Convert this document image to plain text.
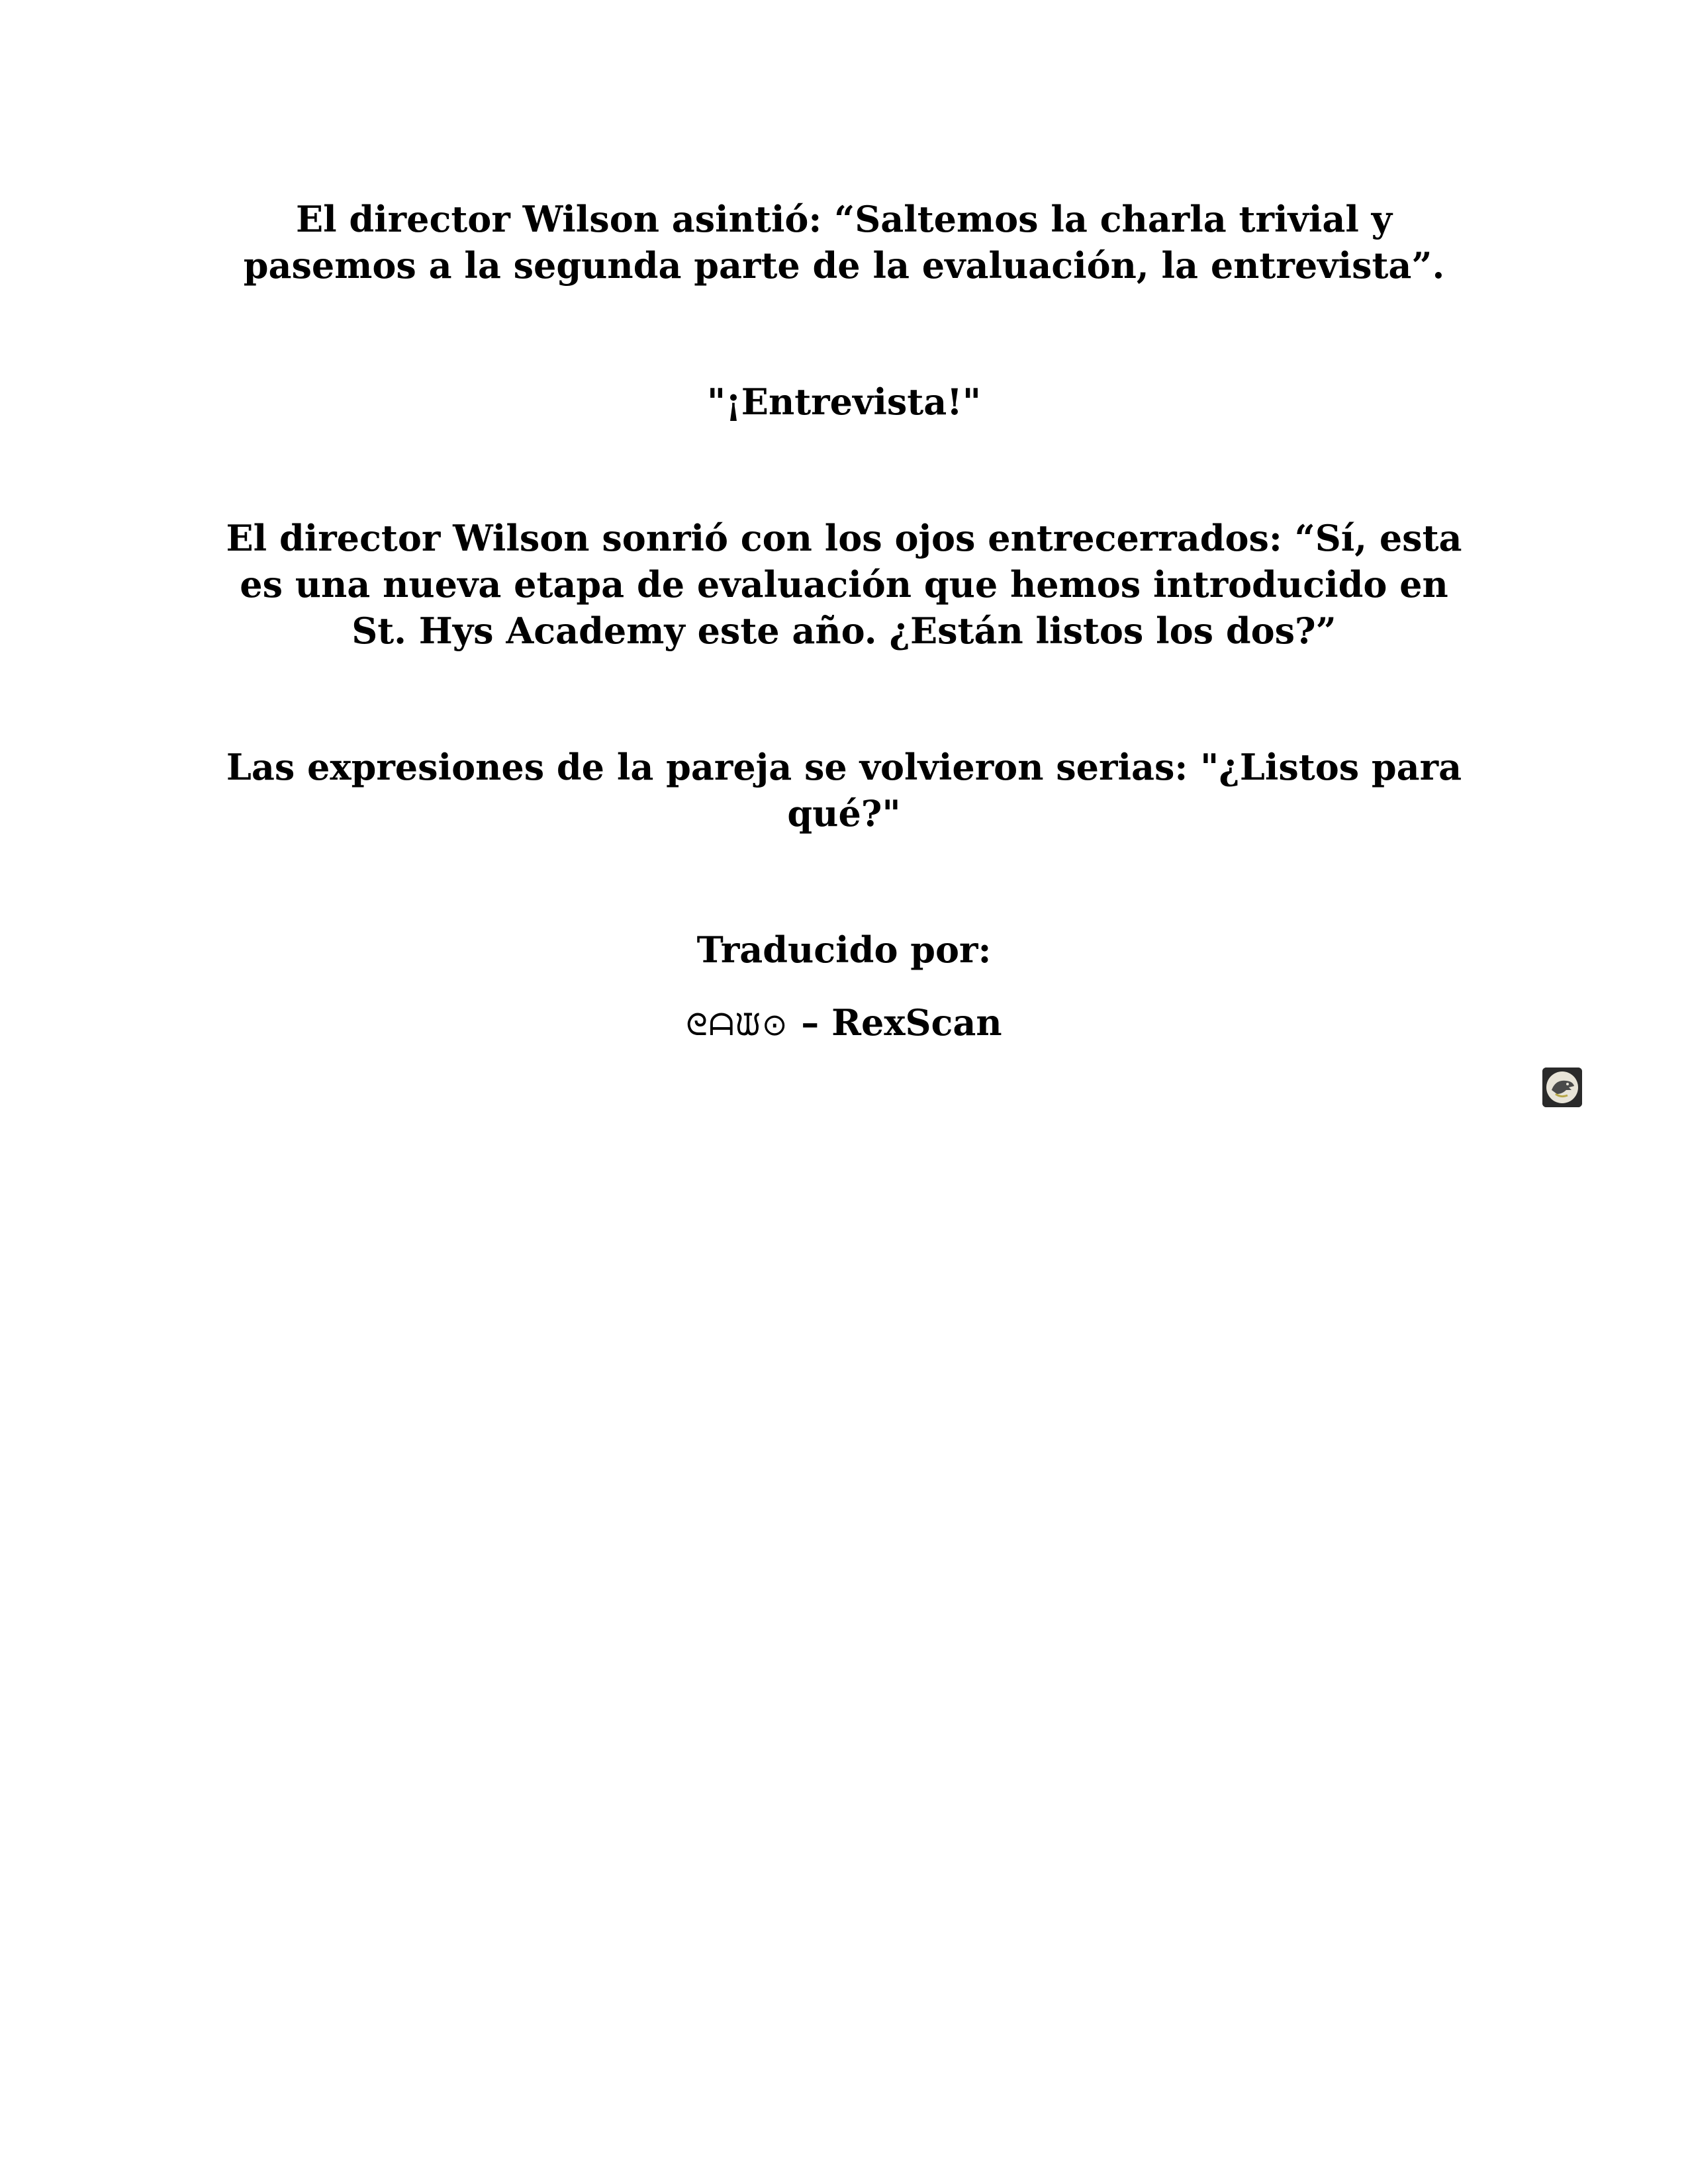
El director Wilson asintió: “Saltemos la charla trivial y pasemos a la segunda parte de la evaluación, la entrevista”.

"¡Entrevista!"

El director Wilson sonrió con los ojos entrecerrados: “Sí, esta es una nueva etapa de evaluación que hemos introducido en St. Hys Academy este año. ¿Están listos los dos?”

Las expresiones de la pareja se volvieron serias: "¿Listos para qué?"

Traducido por:

ᘓᗩᙡ⊙ – RexScan
